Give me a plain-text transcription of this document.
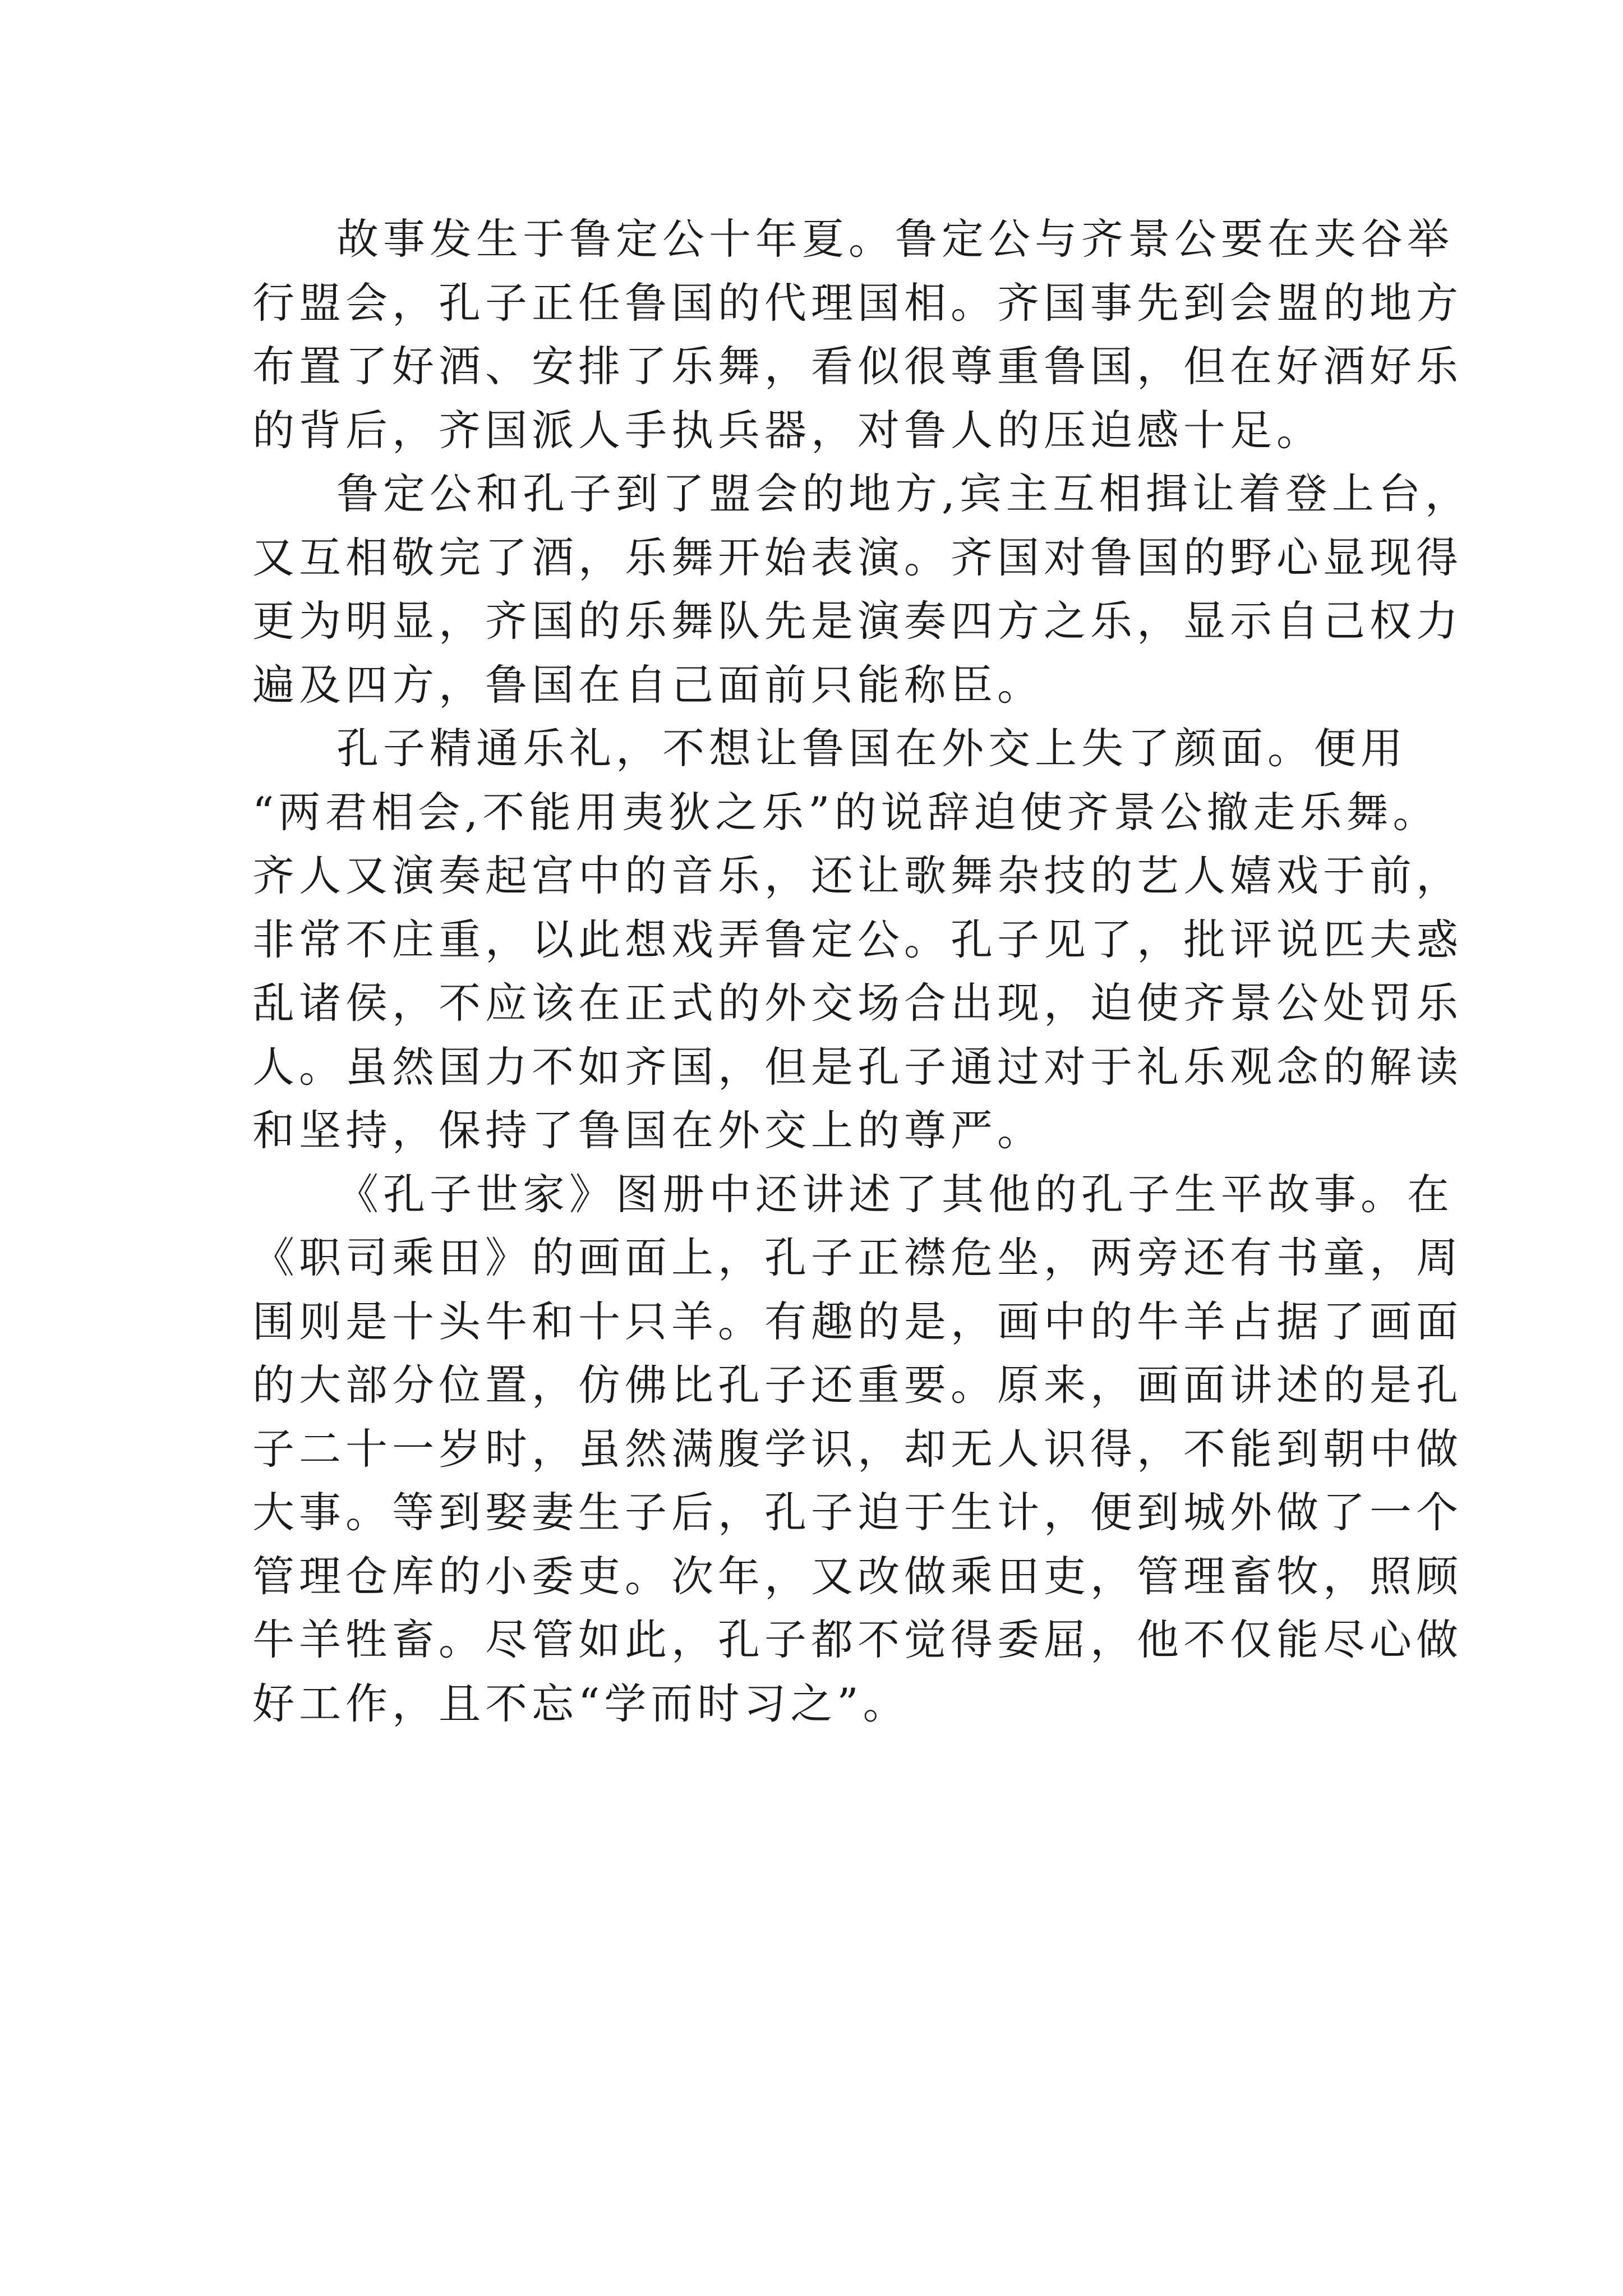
故事发生于鲁定公十年夏。鲁定公与齐景公要在夹谷举
行盟会，孔子正任鲁国的代理国相。齐国事先到会盟的地方
布置了好酒、安排了乐舞，看似很尊重鲁国，但在好酒好乐
的背后，齐国派人手执兵器，对鲁人的压迫感十足。
鲁定公和孔子到了盟会的地方,宾主互相揖让着登上台，
又互相敬完了酒，乐舞开始表演。齐国对鲁国的野心显现得
更为明显，齐国的乐舞队先是演奏四方之乐，显示自己权力
遍及四方，鲁国在自己面前只能称臣。
孔子精通乐礼，不想让鲁国在外交上失了颜面。便用
“两君相会,不能用夷狄之乐”的说辞迫使齐景公撤走乐舞。
齐人又演奏起宫中的音乐，还让歌舞杂技的艺人嬉戏于前，
非常不庄重，以此想戏弄鲁定公。孔子见了，批评说匹夫惑
乱诸侯，不应该在正式的外交场合出现，迫使齐景公处罚乐
人。虽然国力不如齐国，但是孔子通过对于礼乐观念的解读
和坚持，保持了鲁国在外交上的尊严。
《孔子世家》图册中还讲述了其他的孔子生平故事。在
《职司乘田》的画面上，孔子正襟危坐，两旁还有书童，周
围则是十头牛和十只羊。有趣的是，画中的牛羊占据了画面
的大部分位置，仿佛比孔子还重要。原来，画面讲述的是孔
子二十一岁时，虽然满腹学识，却无人识得，不能到朝中做
大事。等到娶妻生子后，孔子迫于生计，便到城外做了一个
管理仓库的小委吏。次年，又改做乘田吏，管理畜牧，照顾
牛羊牲畜。尽管如此，孔子都不觉得委屈，他不仅能尽心做
好工作，且不忘“学而时习之”。
